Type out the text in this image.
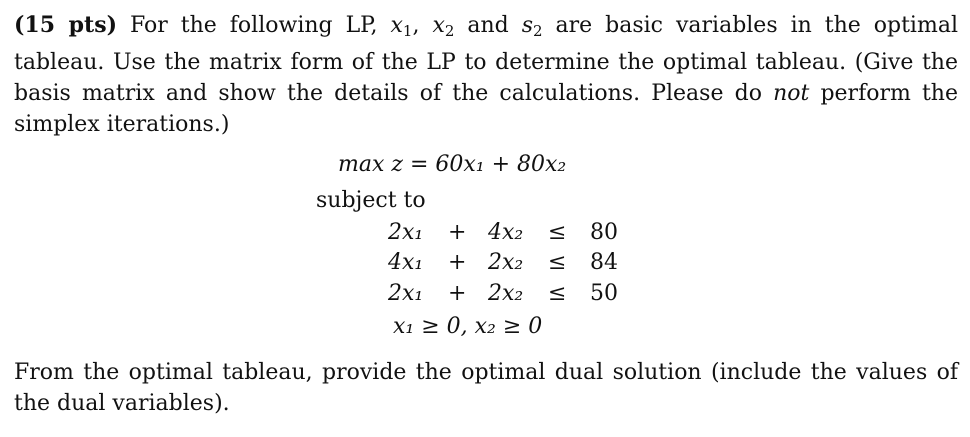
(15 pts) For the following LP, $x_1$, $x_2$ and $s_2$ are basic variables in the optimal tableau. Use the matrix form of the LP to determine the optimal tableau. (Give the basis matrix and show the details of the calculations. Please do not perform the simplex iterations.)
max z = 60x₁ + 80x₂
subject to
2x₁ + 4x₂ ≤ 80
4x₁ + 2x₂ ≤ 84
2x₁ + 2x₂ ≤ 50
x₁ ≥ 0, x₂ ≥ 0
From the optimal tableau, provide the optimal dual solution (include the values of the dual variables).
